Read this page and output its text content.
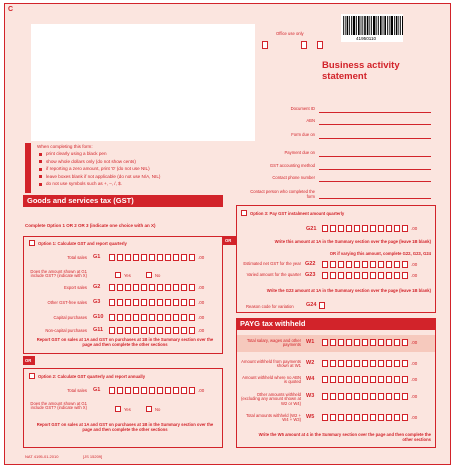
C
Office use only
41950110
Business activity statement
Document ID
ABN
Form due on
Payment due on
GST accounting method
Contact phone number
Contact person who completed the form
When completing this form:
print clearly using a black pen
show whole dollars only (do not show cents)
if reporting a zero amount, print '0' (do not use NIL)
leave boxes blank if not applicable (do not use N/A, NIL)
do not use symbols such as +, –, /, $.
Goods and services tax (GST)
Complete Option 1 OR 2 OR 3 (indicate one choice with an X)
Option 1: Calculate GST and report quarterly
Total sales G1	.00
Does the amount shown at G1 include GST? (indicate with X)	Yes	No
Export sales G2	.00
Other GST-free sales G3	.00
Capital purchases G10	.00
Non-capital purchases G11	.00
Report GST on sales at 1A and GST on purchases at 1B in the Summary section over the page and then complete the other sections
OR
OR
Option 2: Calculate GST quarterly and report annually
Total sales G1	.00
Does the amount shown at G1 include GST? (indicate with X)	Yes	No
Report GST on sales at 1A and GST on purchases at 1B in the Summary section over the page and then complete the other sections
Option 3: Pay GST instalment amount quarterly
G21	.00
Write this amount at 1A in the Summary section over the page (leave 1B blank)
OR if varying this amount, complete G22, G23, G24
Estimated net GST for the year G22	.00
Varied amount for the quarter G23	.00
Write the G23 amount at 1A in the Summary section over the page (leave 1B blank)
Reason code for variation G24
PAYG tax withheld
Total salary, wages and other payments W1	.00
Amount withheld from payments shown at W1 W2	.00
Amount withheld where no ABN is quoted W4	.00
Other amounts withheld (excluding any amount shown at W2 or W4)
W3	.00
Total amounts withheld (W2 + W4 + W3) W5	.00
Write the W5 amount at 4 in the Summary section over the page and then complete the other sections
NAT 4195-01.2010	[JS 15209]
